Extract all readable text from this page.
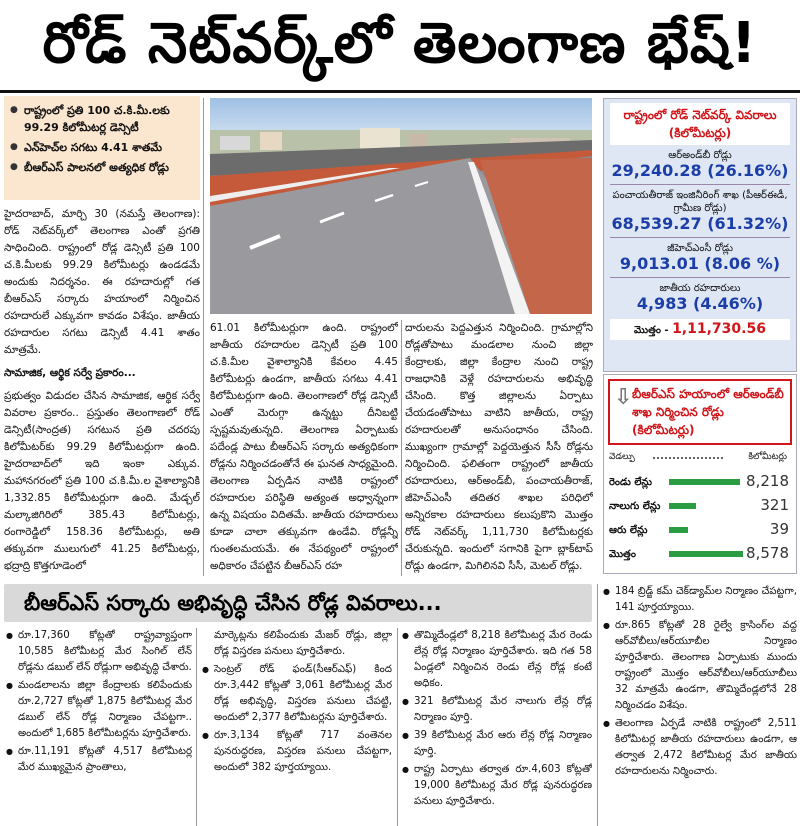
రోడ్ నెట్‌వర్క్‌లో తెలంగాణ భేష్!
● రాష్ట్రంలో ప్రతి 100 చ.కి.మీ.లకు 99.29 కిలోమీటర్ల డెన్సిటీ
● ఎన్‌హెచ్‌ల సగటు 4.41 శాతమే
● బీఆర్ఎస్ పాలనలో అత్యధిక రోడ్లు

హైదరాబాద్, మార్చి 30 (నమస్తే తెలంగాణ): రోడ్ నెట్‌వర్క్‌లో తెలంగాణ ఎంతో ప్రగతి సాధించింది. రాష్ట్రంలో రోడ్ల డెన్సిటీ ప్రతి 100 చ.కి.మీలకు 99.29 కిలోమీటర్లు ఉండడమే అందుకు నిదర్శనం. ఈ రహదారుల్లో గత బీఆర్ఎస్ సర్కారు హయాంలో నిర్మించిన రహదారులే ఎక్కువగా కావడం విశేషం. జాతీయ రహదారుల సగటు డెన్సిటీ 4.41 శాతం మాత్రమే.

సామాజిక, ఆర్థిక సర్వే ప్రకారం...

ప్రభుత్వం విడుదల చేసిన సామాజిక, ఆర్థిక సర్వే వివరాల ప్రకారం.. ప్రస్తుతం తెలంగాణలో రోడ్ డెన్సిటీ(సాంద్రత) సగటున ప్రతి చదరపు కిలోమీటర్‌కు 99.29 కిలోమీటర్లుగా ఉంది. హైదరాబాద్‌లో ఇది ఇంకా ఎక్కువ. మహానగరంలో ప్రతి 100 చ.కి.మీ.ల వైశాల్యానికి 1,332.85 కిలోమీటర్లుగా ఉంది. మేడ్చల్ మల్కాజిగిరిలో 385.43 కిలోమీటర్లు, రంగారెడ్డిలో 158.36 కిలోమీటర్లు, అతి తక్కువగా ములుగులో 41.25 కిలోమీటర్లు, భద్రాద్రి కొత్తగూడెంలో

61.01 కిలోమీటర్లుగా ఉంది. రాష్ట్రంలో జాతీయ రహదారుల డెన్సిటీ ప్రతి 100 చ.కి.మీల వైశాల్యానికి కేవలం 4.45 కిలోమీటర్లు ఉండగా, జాతీయ సగటు 4.41 కిలోమీటర్లుగా ఉంది. తెలంగాణలో రోడ్ల డెన్సిటీ ఎంతో మెరుగ్గా ఉన్నట్టు దీనిబట్టి స్పష్టమవుతున్నది. తెలంగాణ ఏర్పాటుకు పదేండ్ల పాటు బీఆర్ఎస్ సర్కారు అత్యధికంగా రోడ్లను నిర్మించడంతోనే ఈ ఘనత సాధ్యమైంది. తెలంగాణ ఏర్పడిన నాటికి రాష్ట్రంలో రహదారుల పరిస్థితి అత్యంత అధ్వాన్నంగా ఉన్న విషయం విదితమే. జాతీయ రహదారులు కూడా చాలా తక్కువగా ఉండేవి. రోడ్లన్నీ గుంతలమయమే. ఈ నేపథ్యంలో రాష్ట్రంలో అధికారం చేపట్టిన బీఆర్ఎస్ రహ

దారులను పెద్దఎత్తున నిర్మించింది. గ్రామాల్లోని రోడ్లతోపాటు మండలాల నుంచి జిల్లా కేంద్రాలకు, జిల్లా కేంద్రాల నుంచి రాష్ట్ర రాజధానికి వెళ్లే రహదారులను అభివృద్ధి చేసింది. కొత్త జిల్లాలను ఏర్పాటు చేయడంతోపాటు వాటిని జాతీయ, రాష్ట్ర రహదారులతో అనుసంధానం చేసింది. ముఖ్యంగా గ్రామాల్లో పెద్దయెత్తున సీసీ రోడ్లను నిర్మించింది. ఫలితంగా రాష్ట్రంలో జాతీయ రహదారులు, ఆర్అండ్‌బీ, పంచాయతీరాజ్, జీహెచ్ఎంసీ తదితర శాఖల పరిధిలో అన్నిరకాల రహదారులు కలుపుకొని మొత్తం రోడ్ నెట్‌వర్క్ 1,11,730 కిలోమీటర్లకు చేరుకున్నది. ఇందులో సగానికి పైగా బ్లాక్‌టాప్ రోడ్లు ఉండగా, మిగిలినవి సీసీ, మెటల్ రోడ్లు.

రాష్ట్రంలో రోడ్ నెట్‌వర్క్ వివరాలు (కిలోమీటర్లు)
ఆర్అండ్‌బీ రోడ్లు
29,240.28 (26.16%)
పంచాయతీరాజ్ ఇంజినీరింగ్ శాఖ (పీఆర్ఈడీ, గ్రామీణ రోడ్లు)
68,539.27 (61.32%)
జీహెచ్ఎంసీ రోడ్లు
9,013.01 (8.06 %)
జాతీయ రహదారులు
4,983 (4.46%)
మొత్తం - 1,11,730.56
⇩ బీఆర్ఎస్ హయాంలో ఆర్అండ్‌బీ శాఖ నిర్మించిన రోడ్లు (కిలోమీటర్లు)
వెడల్పు	కిలోమీటర్లు
రెండు లేన్లు	8,218
నాలుగు లేన్లు	321
ఆరు లేన్లు	39
మొత్తం	8,578
బీఆర్ఎస్ సర్కారు అభివృద్ధి చేసిన రోడ్ల వివరాలు...

● రూ.17,360 కోట్లతో రాష్ట్రవ్యాప్తంగా 10,585 కిలోమీటర్ల మేర సింగిల్ లేన్ రోడ్లను డబుల్ లేన్ రోడ్లుగా అభివృద్ధి చేశారు.

● మండలాలను జిల్లా కేంద్రాలకు కలిపేందుకు రూ.2,727 కోట్లతో 1,875 కిలోమీటర్ల మేర డబుల్ లేన్ రోడ్ల నిర్మాణం చేపట్టగా.. అందులో 1,685 కిలోమీటర్లను పూర్తిచేశారు.

● రూ.11,191 కోట్లతో 4,517 కిలోమీటర్ల మేర ముఖ్యమైన ప్రాంతాలు,

మార్కెట్లను కలిపేందుకు మేజర్ రోడ్లు, జిల్లా రోడ్ల విస్తరణ పనులు పూర్తిచేశారు.

● సెంట్రల్ రోడ్ ఫండ్(సీఆర్ఎఫ్) కింద రూ.3,442 కోట్లతో 3,061 కిలోమీటర్ల మేర రోడ్ల అభివృద్ధి, విస్తరణ పనులు చేపట్టి, అందులో 2,377 కిలోమీటర్లను పూర్తిచేశారు.

● రూ.3,134 కోట్లతో 717 వంతెనల పునరుద్ధరణ, విస్తరణ పనులు చేపట్టగా, అందులో 382 పూర్తయ్యాయి.

● తొమ్మిదేండ్లలో 8,218 కిలోమీటర్ల మేర రెండు లేన్ల రోడ్ల నిర్మాణం పూర్తిచేశారు. ఇది గత 58 ఏండ్లలో నిర్మించిన రెండు లేన్ల రోడ్ల కంటే అధికం.

● 321 కిలోమీటర్ల మేర నాలుగు లేన్ల రోడ్ల నిర్మాణం పూర్తి.

● 39 కిలోమీటర్ల మేర ఆరు లేన్ల రోడ్ల నిర్మాణం పూర్తి.

● రాష్ట్ర ఏర్పాటు తర్వాత రూ.4,603 కోట్లతో 19,000 కిలోమీటర్ల మేర రోడ్ల పునరుద్ధరణ పనులు పూర్తిచేశారు.

● 184 బ్రిడ్జ్ కమ్ చెక్‌డ్యామ్‌ల నిర్మాణం చేపట్టగా, 141 పూర్తయ్యాయి.

● రూ.865 కోట్లతో 28 రైల్వే క్రాసింగ్‌ల వద్ద ఆర్‌వోబీలు/ఆర్‌యూబీల నిర్మాణం పూర్తిచేశారు. తెలంగాణ ఏర్పాటుకు ముందు రాష్ట్రంలో మొత్తం ఆర్‌వోబీలు/ఆర్‌యూబీలు 32 మాత్రమే ఉండగా, తొమ్మిదేండ్లలోనే 28 నిర్మించడం విశేషం.

● తెలంగాణ ఏర్పడే నాటికి రాష్ట్రంలో 2,511 కిలోమీటర్ల జాతీయ రహదారులు ఉండగా, ఆ తర్వాత 2,472 కిలోమీటర్ల మేర జాతీయ రహదారులను నిర్మించారు.
